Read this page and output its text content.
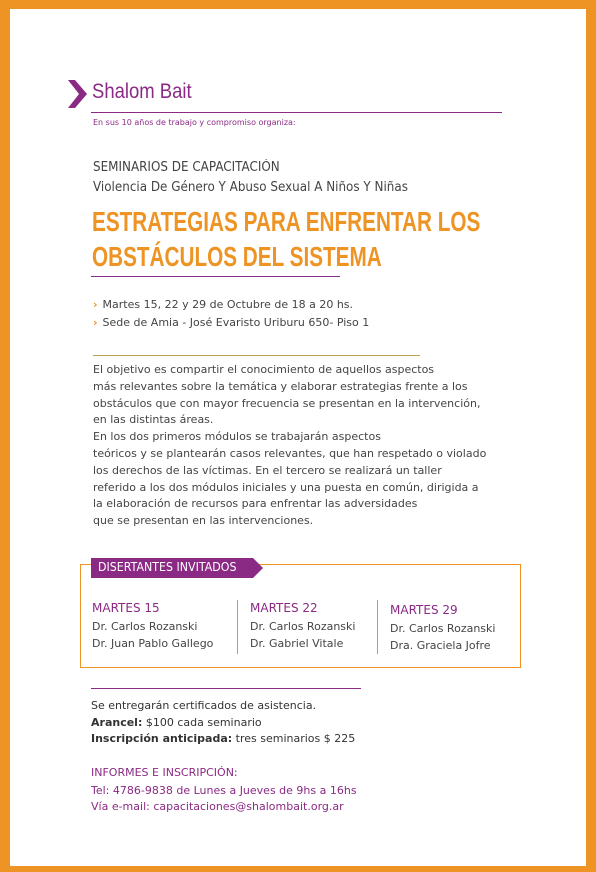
Shalom Bait
En sus 10 años de trabajo y compromiso organiza:
SEMINARIOS DE CAPACITACIÓN
Violencia De Género Y Abuso Sexual A Niños Y Niñas
ESTRATEGIAS PARA ENFRENTAR LOS
OBSTÁCULOS DEL SISTEMA
› Martes 15, 22 y 29 de Octubre de 18 a 20 hs.
› Sede de Amia - José Evaristo Uriburu 650- Piso 1
El objetivo es compartir el conocimiento de aquellos aspectos
más relevantes sobre la temática y elaborar estrategias frente a los
obstáculos que con mayor frecuencia se presentan en la intervención,
en las distintas áreas.
En los dos primeros módulos se trabajarán aspectos
teóricos y se plantearán casos relevantes, que han respetado o violado
los derechos de las víctimas. En el tercero se realizará un taller
referido a los dos módulos iniciales y una puesta en común, dirigida a
la elaboración de recursos para enfrentar las adversidades
que se presentan en las intervenciones.
DISERTANTES INVITADOS
MARTES 15
Dr. Carlos Rozanski
Dr. Juan Pablo Gallego
MARTES 22
Dr. Carlos Rozanski
Dr. Gabriel Vitale
MARTES 29
Dr. Carlos Rozanski
Dra. Graciela Jofre
Se entregarán certificados de asistencia.
Arancel: $100 cada seminario
Inscripción anticipada: tres seminarios $ 225
INFORMES E INSCRIPCIÓN:
Tel: 4786-9838 de Lunes a Jueves de 9hs a 16hs
Vía e-mail: capacitaciones@shalombait.org.ar
